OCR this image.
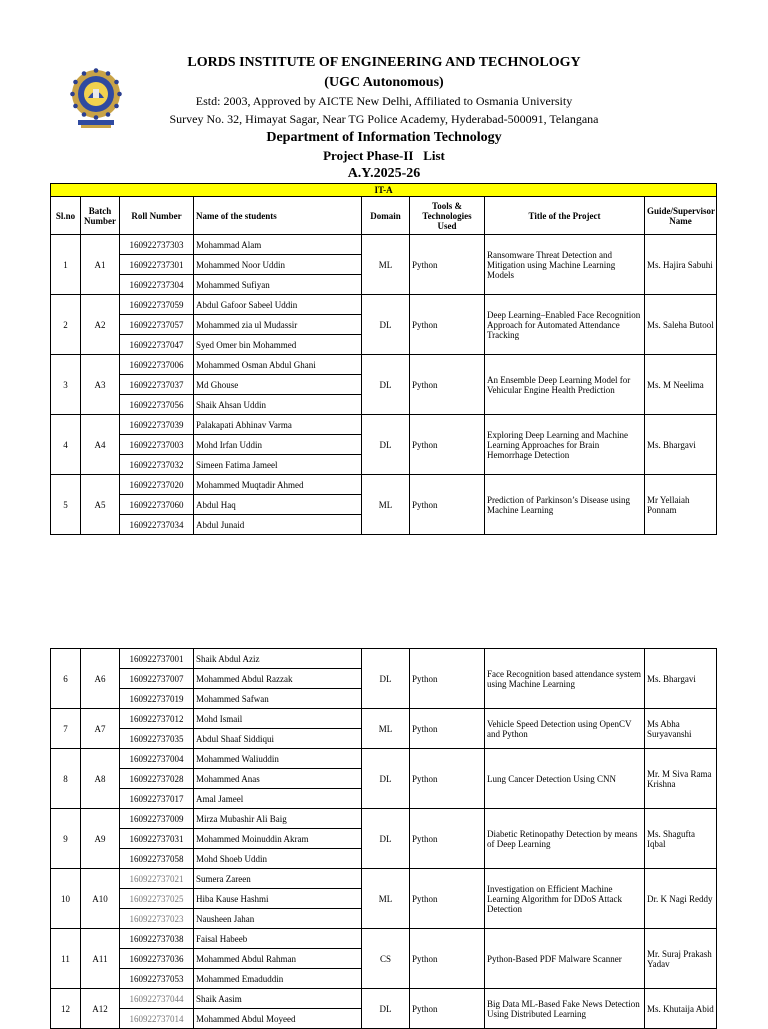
LORDS INSTITUTE OF ENGINEERING AND TECHNOLOGY
(UGC Autonomous)
Estd: 2003, Approved by AICTE New Delhi, Affiliated to Osmania University
Survey No. 32, Himayat Sagar, Near TG Police Academy, Hyderabad-500091, Telangana
Department of Information Technology
Project Phase-II   List
A.Y.2025-26
IT-A							
Sl.no	Batch Number	Roll Number	Name of the students	Domain	Tools & Technologies Used	Title of the Project	Guide/Supervisor Name
1	A1	160922737303	Mohammad Alam	ML	Python	Ransomware Threat Detection and Mitigation using Machine Learning Models	Ms. Hajira Sabuhi
		160922737301	Mohammed Noor Uddin				
		160922737304	Mohammed Sufiyan				
2	A2	160922737059	Abdul Gafoor Sabeel Uddin	DL	Python	Deep Learning–Enabled Face Recognition Approach for Automated Attendance Tracking	Ms. Saleha Butool
		160922737057	Mohammed zia ul Mudassir				
		160922737047	Syed Omer bin Mohammed				
3	A3	160922737006	Mohammed Osman Abdul Ghani	DL	Python	An Ensemble Deep Learning Model for Vehicular Engine Health Prediction	Ms. M Neelima
		160922737037	Md Ghouse				
		160922737056	Shaik Ahsan Uddin				
4	A4	160922737039	Palakapati Abhinav Varma	DL	Python	Exploring Deep Learning and Machine Learning Approaches for Brain Hemorrhage Detection	Ms. Bhargavi
		160922737003	Mohd Irfan Uddin				
		160922737032	Simeen Fatima Jameel				
5	A5	160922737020	Mohammed Muqtadir Ahmed	ML	Python	Prediction of Parkinson’s Disease using Machine Learning	Mr Yellaiah Ponnam
		160922737060	Abdul Haq				
		160922737034	Abdul Junaid				
6	A6	160922737001	Shaik Abdul Aziz	DL	Python	Face Recognition based attendance system using Machine Learning	Ms. Bhargavi
		160922737007	Mohammed Abdul Razzak				
		160922737019	Mohammed Safwan				
7	A7	160922737012	Mohd Ismail	ML	Python	Vehicle Speed Detection using OpenCV and Python	Ms Abha Suryavanshi
		160922737035	Abdul Shaaf Siddiqui				
8	A8	160922737004	Mohammed Waliuddin	DL	Python	Lung Cancer Detection Using CNN	Mr. M Siva Rama Krishna
		160922737028	Mohammed Anas				
		160922737017	Amal Jameel				
9	A9	160922737009	Mirza Mubashir Ali Baig	DL	Python	Diabetic Retinopathy Detection by means of Deep Learning	Ms. Shagufta Iqbal
		160922737031	Mohammed Moinuddin Akram				
		160922737058	Mohd Shoeb Uddin				
10	A10	160922737021	Sumera Zareen	ML	Python	Investigation on Efficient Machine Learning Algorithm for DDoS Attack Detection	Dr. K Nagi Reddy
		160922737025	Hiba Kause Hashmi				
		160922737023	Nausheen Jahan				
11	A11	160922737038	Faisal Habeeb	CS	Python	Python-Based PDF Malware Scanner	Mr. Suraj Prakash Yadav
		160922737036	Mohammed Abdul Rahman				
		160922737053	Mohammed Emaduddin				
12	A12	160922737044	Shaik Aasim	DL	Python	Big Data ML-Based Fake News Detection Using Distributed Learning	Ms. Khutaija Abid
		160922737014	Mohammed Abdul Moyeed				
